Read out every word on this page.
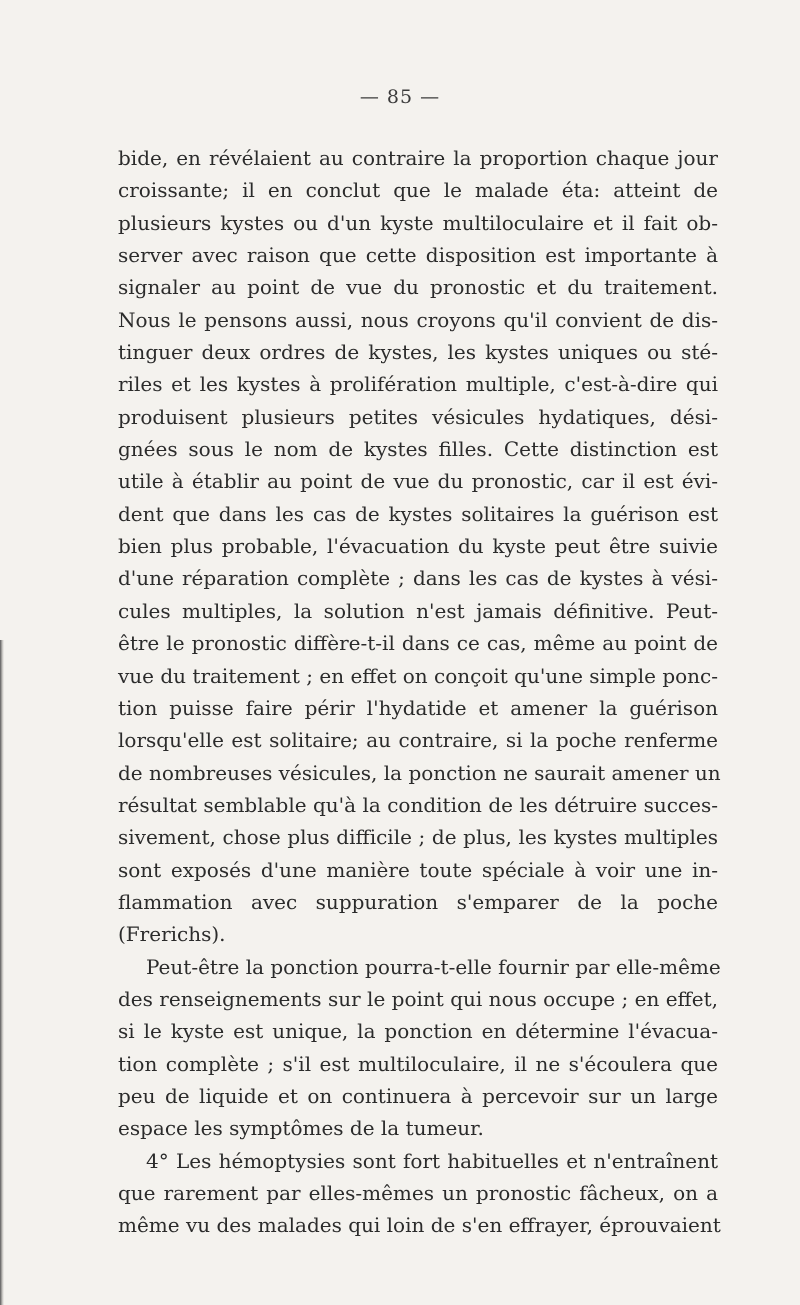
— 85 —
bide, en révélaient au contraire la proportion chaque jour
croissante; il en conclut que le malade éta: atteint de
plusieurs kystes ou d'un kyste multiloculaire et il fait ob-
server avec raison que cette disposition est importante à
signaler au point de vue du pronostic et du traitement.
Nous le pensons aussi, nous croyons qu'il convient de dis-
tinguer deux ordres de kystes, les kystes uniques ou sté-
riles et les kystes à prolifération multiple, c'est-à-dire qui
produisent plusieurs petites vésicules hydatiques, dési-
gnées sous le nom de kystes filles. Cette distinction est
utile à établir au point de vue du pronostic, car il est évi-
dent que dans les cas de kystes solitaires la guérison est
bien plus probable, l'évacuation du kyste peut être suivie
d'une réparation complète ; dans les cas de kystes à vési-
cules multiples, la solution n'est jamais définitive. Peut-
être le pronostic diffère-t-il dans ce cas, même au point de
vue du traitement ; en effet on conçoit qu'une simple ponc-
tion puisse faire périr l'hydatide et amener la guérison
lorsqu'elle est solitaire; au contraire, si la poche renferme
de nombreuses vésicules, la ponction ne saurait amener un
résultat semblable qu'à la condition de les détruire succes-
sivement, chose plus difficile ; de plus, les kystes multiples
sont exposés d'une manière toute spéciale à voir une in-
flammation avec suppuration s'emparer de la poche
(Frerichs).
Peut-être la ponction pourra-t-elle fournir par elle-même
des renseignements sur le point qui nous occupe ; en effet,
si le kyste est unique, la ponction en détermine l'évacua-
tion complète ; s'il est multiloculaire, il ne s'écoulera que
peu de liquide et on continuera à percevoir sur un large
espace les symptômes de la tumeur.
4° Les hémoptysies sont fort habituelles et n'entraînent
que rarement par elles-mêmes un pronostic fâcheux, on a
même vu des malades qui loin de s'en effrayer, éprouvaient
